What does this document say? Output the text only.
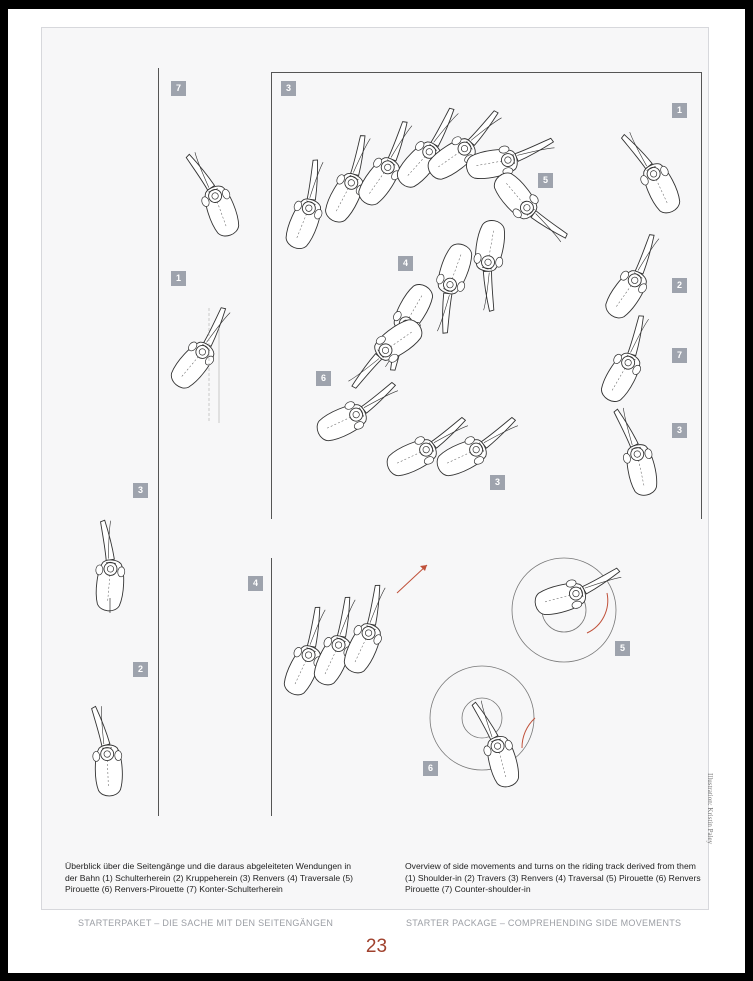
7
1
3
3
2
5
4
6
3
1
2
7
3
4
5
6
Illustration: Kristin Paley
Überblick über die Seitengänge und die daraus abgeleiteten Wendungen in der Bahn (1) Schulterherein (2) Kruppeherein (3) Renvers (4) Traversale (5) Pirouette (6) Renvers-Pirouette (7) Konter-Schulterherein
Overview of side movements and turns on the riding track derived from them (1) Shoulder-in (2) Travers (3) Renvers (4) Traversal (5) Pirouette (6) Renvers Pirouette (7) Counter-shoulder-in
STARTERPAKET – DIE SACHE MIT DEN SEITENGÄNGEN	STARTER PACKAGE – COMPREHENDING SIDE MOVEMENTS
23
